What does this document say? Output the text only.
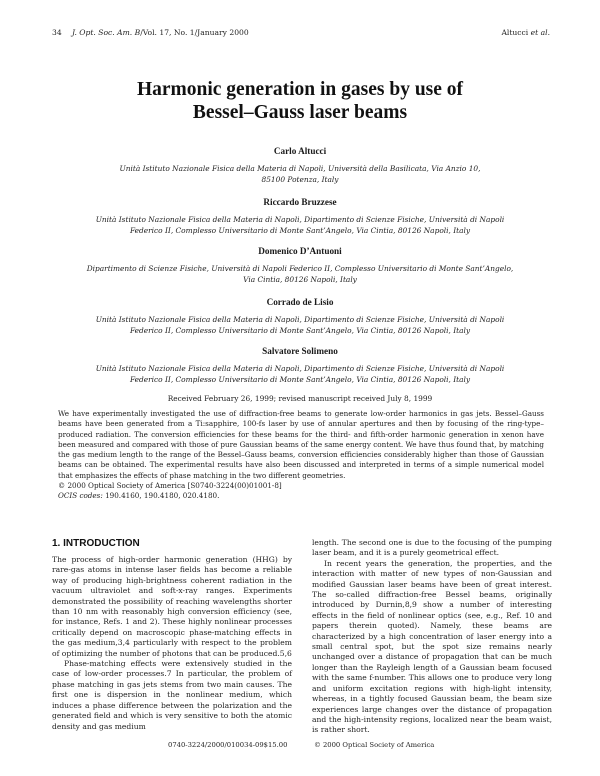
34 J. Opt. Soc. Am. B/Vol. 17, No. 1/January 2000	Altucci et al.
Harmonic generation in gases by use of
Bessel–Gauss laser beams
Carlo Altucci
Unità Istituto Nazionale Fisica della Materia di Napoli, Università della Basilicata, Via Anzio 10,
85100 Potenza, Italy
Riccardo Bruzzese
Unità Istituto Nazionale Fisica della Materia di Napoli, Dipartimento di Scienze Fisiche, Università di Napoli
Federico II, Complesso Universitario di Monte Sant’Angelo, Via Cintia, 80126 Napoli, Italy
Domenico D’Antuoni
Dipartimento di Scienze Fisiche, Università di Napoli Federico II, Complesso Universitario di Monte Sant’Angelo,
Via Cintia, 80126 Napoli, Italy
Corrado de Lisio
Unità Istituto Nazionale Fisica della Materia di Napoli, Dipartimento di Scienze Fisiche, Università di Napoli
Federico II, Complesso Universitario di Monte Sant’Angelo, Via Cintia, 80126 Napoli, Italy
Salvatore Solimeno
Unità Istituto Nazionale Fisica della Materia di Napoli, Dipartimento di Scienze Fisiche, Università di Napoli
Federico II, Complesso Universitario di Monte Sant’Angelo, Via Cintia, 80126 Napoli, Italy
Received February 26, 1999; revised manuscript received July 8, 1999

We have experimentally investigated the use of diffraction-free beams to generate low-order harmonics in gas jets. Bessel–Gauss beams have been generated from a Ti:sapphire, 100-fs laser by use of annular apertures and then by focusing of the ring-type–produced radiation. The conversion efficiencies for these beams for the third- and fifth-order harmonic generation in xenon have been measured and compared with those of pure Gaussian beams of the same energy content. We have thus found that, by matching the gas medium length to the range of the Bessel–Gauss beams, conversion efficiencies considerably higher than those of Gaussian beams can be obtained. The experimental results have also been discussed and interpreted in terms of a simple numerical model that emphasizes the effects of phase matching in the two different geometries.

© 2000 Optical Society of America [S0740-3224(00)01001-8]

OCIS codes: 190.4160, 190.4180, 020.4180.

1. INTRODUCTION

The process of high-order harmonic generation (HHG) by rare-gas atoms in intense laser fields has become a reliable way of producing high-brightness coherent radiation in the vacuum ultraviolet and soft-x-ray ranges. Experiments demonstrated the possibility of reaching wavelengths shorter than 10 nm with reasonably high conversion efficiency (see, for instance, Refs. 1 and 2). These highly nonlinear processes critically depend on macroscopic phase-matching effects in the gas medium,3,4 particularly with respect to the problem of optimizing the number of photons that can be produced.5,6

Phase-matching effects were extensively studied in the case of low-order processes.7 In particular, the problem of phase matching in gas jets stems from two main causes. The first one is dispersion in the nonlinear medium, which induces a phase difference between the polarization and the generated field and which is very sensitive to both the atomic density and gas medium

length. The second one is due to the focusing of the pumping laser beam, and it is a purely geometrical effect.

In recent years the generation, the properties, and the interaction with matter of new types of non-Gaussian and modified Gaussian laser beams have been of great interest. The so-called diffraction-free Bessel beams, originally introduced by Durnin,8,9 show a number of interesting effects in the field of nonlinear optics (see, e.g., Ref. 10 and papers therein quoted). Namely, these beams are characterized by a high concentration of laser energy into a small central spot, but the spot size remains nearly unchanged over a distance of propagation that can be much longer than the Rayleigh length of a Gaussian beam focused with the same f-number. This allows one to produce very long and uniform excitation regions with high-light intensity, whereas, in a tightly focused Gaussian beam, the beam size experiences large changes over the distance of propagation and the high-intensity regions, localized near the beam waist, is rather short.

0740-3224/2000/010034-09$15.00	© 2000 Optical Society of America
